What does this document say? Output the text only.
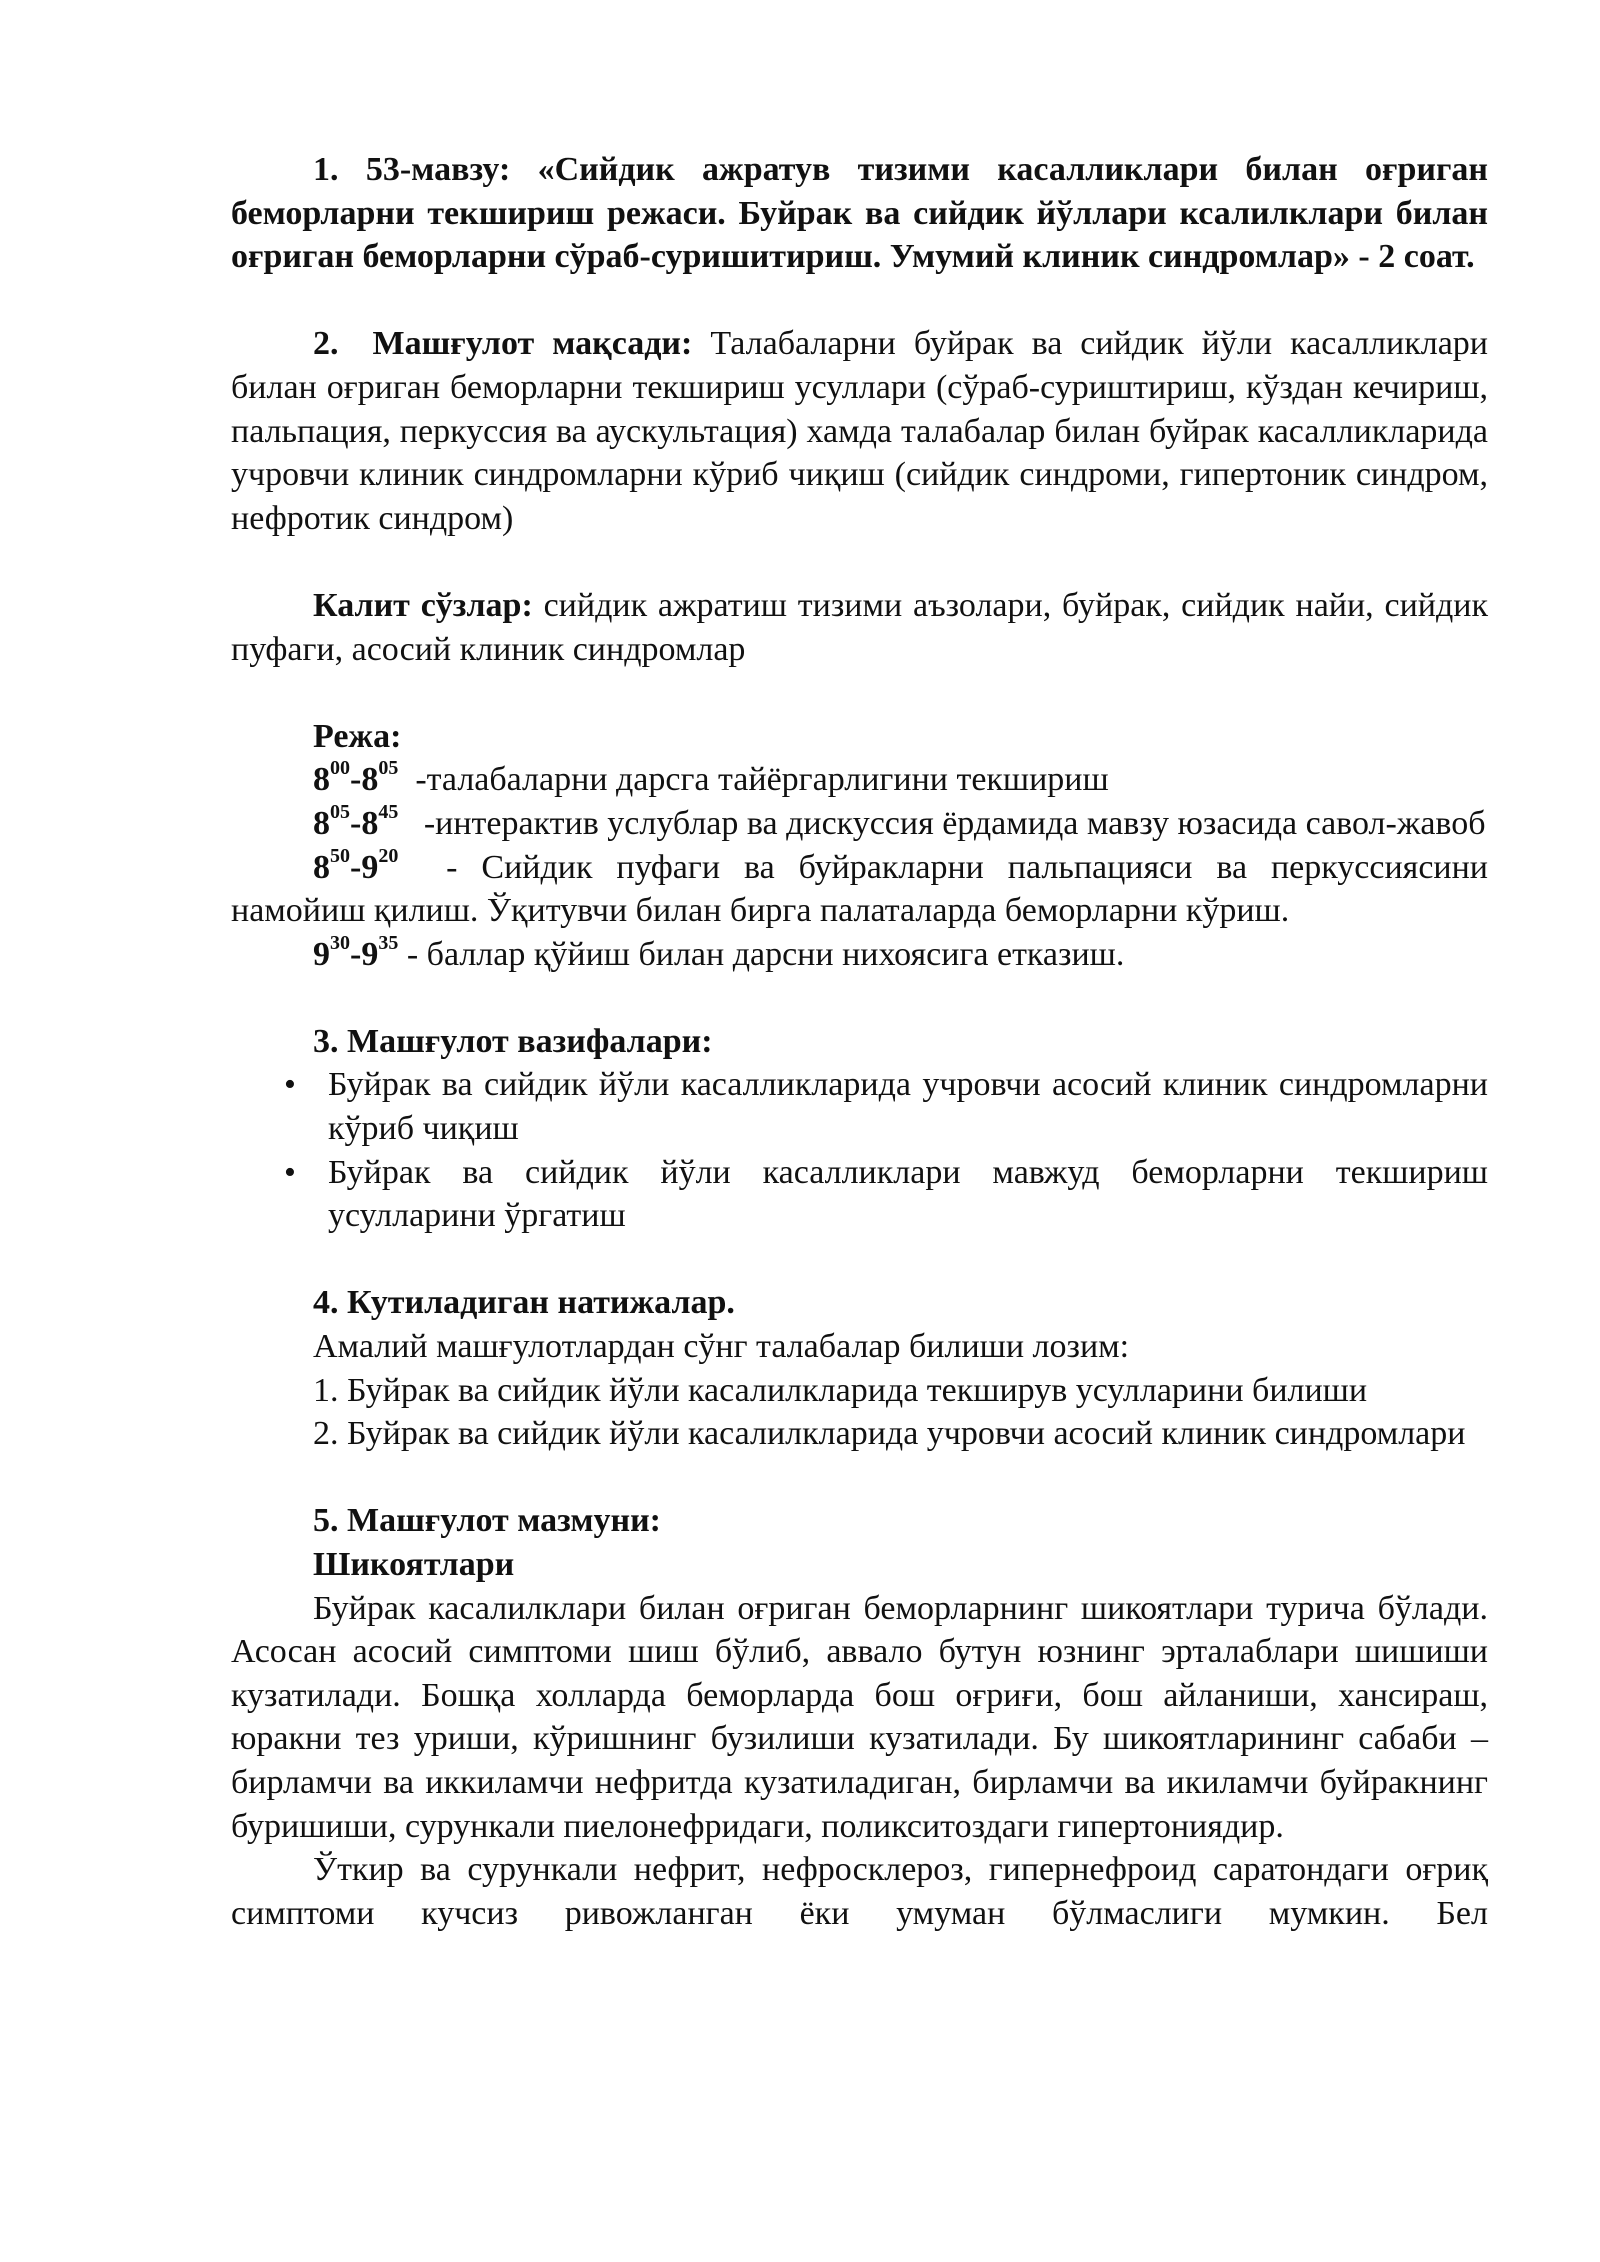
1. 53-мавзу: «Сийдик ажратув тизими касалликлари билан оғриган беморларни текшириш режаси. Буйрак ва сийдик йўллари ксалилклари билан оғриган беморларни сўраб-суришитириш. Умумий клиник синдромлар» - 2 соат.

2. Машғулот мақсади: Талабаларни буйрак ва сийдик йўли касалликлари билан оғриган беморларни текшириш усуллари (сўраб-суриштириш, кўздан кечириш, пальпация, перкуссия ва аускультация) хамда талабалар билан буйрак касалликларида учровчи клиник синдромларни кўриб чиқиш (сийдик синдроми, гипертоник синдром, нефротик синдром)

Калит сўзлар: сийдик ажратиш тизими аъзолари, буйрак, сийдик найи, сийдик пуфаги, асосий клиник синдромлар

Режа:

$8^{00}-8^{05}$  -талабаларни дарсга тайёргарлигини текшириш

$8^{05}-8^{45}$   -интерактив услублар ва дискуссия ёрдамида мавзу юзасида савол-жавоб

$8^{50}-9^{20}$  - Сийдик пуфаги ва буйракларни пальпацияси ва перкуссиясини намойиш қилиш. Ўқитувчи билан бирга палаталарда беморларни кўриш.

$9^{30}-9^{35}$ - баллар қўйиш билан дарсни нихоясига етказиш.

3. Машғулот вазифалари:

• Буйрак ва сийдик йўли касалликларида учровчи асосий клиник синдромларни кўриб чиқиш
• Буйрак ва сийдик йўли касалликлари мавжуд беморларни текшириш усулларини ўргатиш

4. Кутиладиган натижалар.

Амалий машғулотлардан сўнг талабалар билиши лозим:

1. Буйрак ва сийдик йўли касалилкларида текширув усулларини билиши

2. Буйрак ва сийдик йўли касалилкларида учровчи асосий клиник синдромлари

5. Машғулот мазмуни:

Шикоятлари

Буйрак касалилклари билан оғриган беморларнинг шикоятлари турича бўлади. Асосан асосий симптоми шиш бўлиб, аввало бутун юзнинг эрталаблари шишиши кузатилади. Бошқа холларда беморларда бош оғриғи, бош айланиши, хансираш, юракни тез уриши, кўришнинг бузилиши кузатилади. Бу шикоятларининг сабаби – бирламчи ва иккиламчи нефритда кузатиладиган, бирламчи ва икиламчи буйракнинг буришиши, сурункали пиелонефридаги, поликситоздаги гипертониядир.

Ўткир ва сурункали нефрит, нефросклероз, гипернефроид саратондаги оғриқ симптоми кучсиз ривожланган ёки умуман бўлмаслиги мумкин. Бел
